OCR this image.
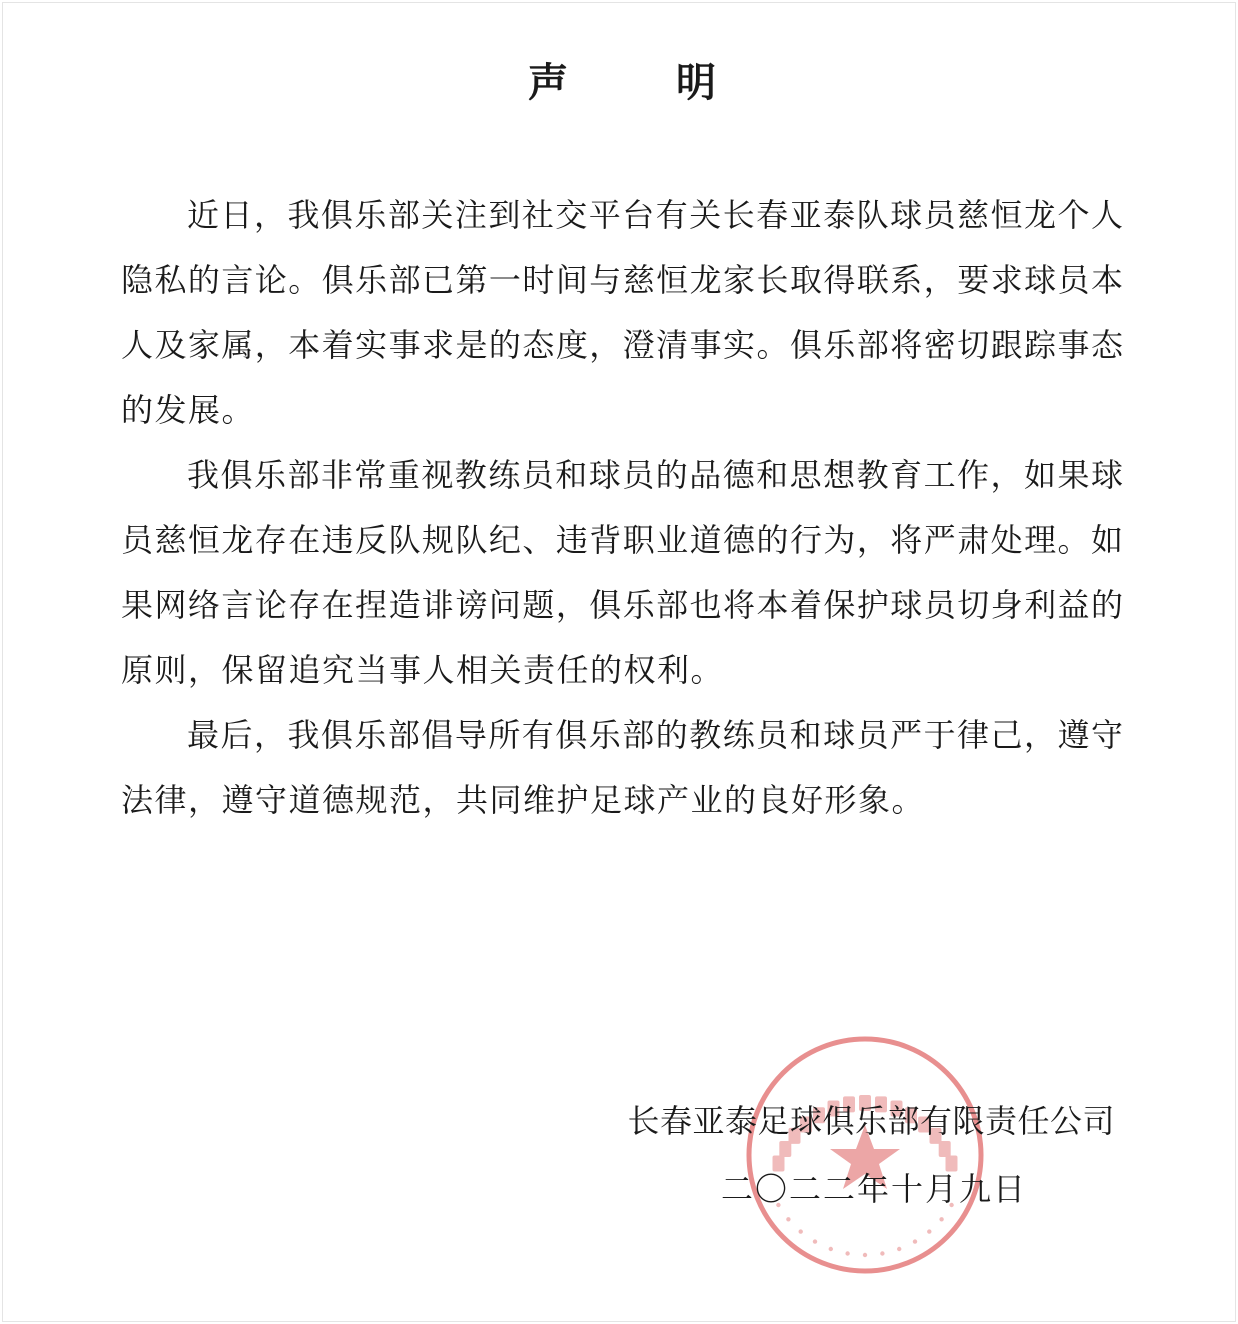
声　明
近日，我俱乐部关注到社交平台有关长春亚泰队球员慈恒龙个人
隐私的言论。俱乐部已第一时间与慈恒龙家长取得联系，要求球员本
人及家属，本着实事求是的态度，澄清事实。俱乐部将密切跟踪事态
的发展。
我俱乐部非常重视教练员和球员的品德和思想教育工作，如果球
员慈恒龙存在违反队规队纪、违背职业道德的行为，将严肃处理。如
果网络言论存在捏造诽谤问题，俱乐部也将本着保护球员切身利益的
原则，保留追究当事人相关责任的权利。
最后，我俱乐部倡导所有俱乐部的教练员和球员严于律己，遵守
法律，遵守道德规范，共同维护足球产业的良好形象。
长春亚泰足球俱乐部有限责任公司
二〇二二年十月九日
